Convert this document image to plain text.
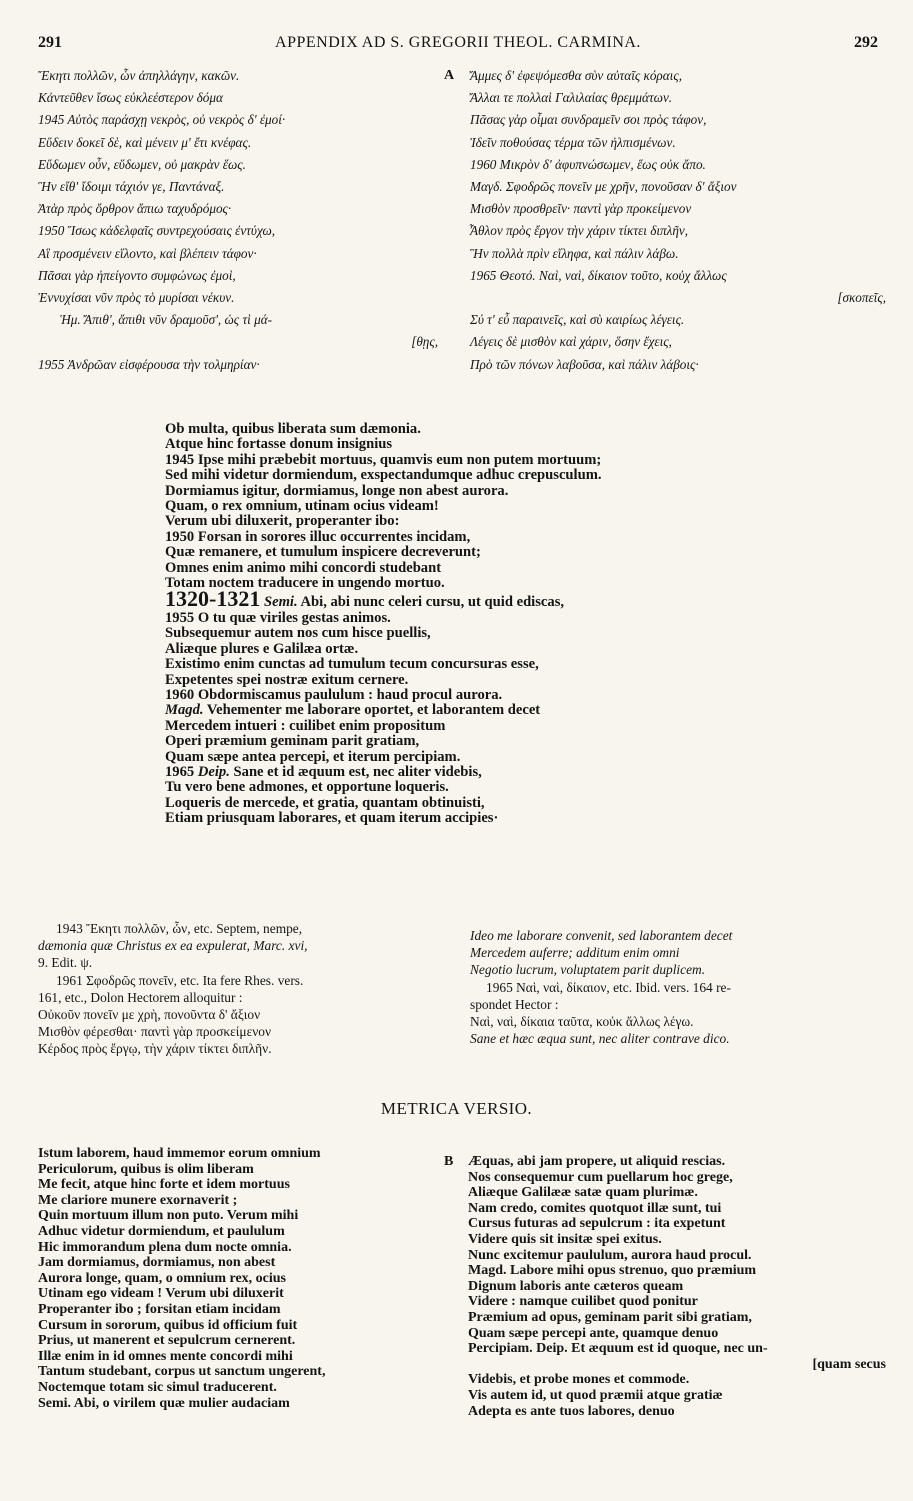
291	APPENDIX AD S. GREGORII THEOL. CARMINA.	292
Ἔκητι πολλῶν, ὧν ἀπηλλάγην, κακῶν.
Κἀντεῦθεν ἴσως εὐκλεέστερον δόμα
1945 Αὐτὸς παράσχῃ νεκρὸς, οὐ νεκρὸς δ' ἐμοί·
Εὕδειν δοκεῖ δὲ, καὶ μένειν μ' ἔτι κνέφας.
Εὕδωμεν οὖν, εὕδωμεν, οὐ μακρὰν ἕως.
Ἣν εἴθ' ἴδοιμι τάχιόν γε, Παντάναξ.
Ἀτὰρ πρὸς ὄρθρον ἄπιω ταχυδρόμος·
1950 Ἴσως κἀδελφαῖς συντρεχούσαις ἐντύχω,
Αἳ προσμένειν εἵλοντο, καὶ βλέπειν τάφον·
Πᾶσαι γὰρ ἠπείγοντο συμφώνως ἐμοὶ,
Ἐννυχίσαι νῦν πρὸς τὸ μυρίσαι νέκυν.
Ἡμ. Ἄπιθ', ἄπιθι νῦν δραμοῦσ', ὡς τὶ μά-
[θῃς,
1955 Ἀνδρῶαν εἰσφέρουσα τὴν τολμηρίαν·
A	Ἄμμες δ' ἐφεψόμεσθα σὺν αὐταῖς κόραις,
Ἄλλαι τε πολλαὶ Γαλιλαίας θρεμμάτων.
Πᾶσας γὰρ οἶμαι συνδραμεῖν σοι πρὸς τάφον,
Ἰδεῖν ποθούσας τέρμα τῶν ἠλπισμένων.
1960 Μικρὸν δ' ἀφυπνώσωμεν, ἕως οὐκ ἄπο.
Μαγδ. Σφοδρῶς πονεῖν με χρῆν, πονοῦσαν δ' ἄξιον
Μισθὸν προσθρεῖν· παντὶ γὰρ προκείμενον
Ἆθλον πρὸς ἔργον τὴν χάριν τίκτει διπλῆν,
Ἣν πολλὰ πρὶν εἴληφα, καὶ πάλιν λάβω.
1965 Θεοτό. Ναὶ, ναὶ, δίκαιον τοῦτο, κοὐχ ἄλλως
[σκοπεῖς,
Σύ τ' εὖ παραινεῖς, καὶ σὺ καιρίως λέγεις.
Λέγεις δὲ μισθὸν καὶ χάριν, ὅσην ἔχεις,
Πρὸ τῶν πόνων λαβοῦσα, καὶ πάλιν λάβοις·
Ob multa, quibus liberata sum dæmonia.
Atque hinc fortasse donum insignius
1945 Ipse mihi præbebit mortuus, quamvis eum non putem mortuum;
Sed mihi videtur dormiendum, exspectandumque adhuc crepusculum.
Dormiamus igitur, dormiamus, longe non abest aurora.
Quam, o rex omnium, utinam ocius videam!
Verum ubi diluxerit, properanter ibo:
1950 Forsan in sorores illuc occurrentes incidam,
Quæ remanere, et tumulum inspicere decreverunt;
Omnes enim animo mihi concordi studebant
Totam noctem traducere in ungendo mortuo.
1320-1321 Semi. Abi, abi nunc celeri cursu, ut quid ediscas,
1955 O tu quæ viriles gestas animos.
Subsequemur autem nos cum hisce puellis,
Aliæque plures e Galilæa ortæ.
Existimo enim cunctas ad tumulum tecum concursuras esse,
Expetentes spei nostræ exitum cernere.
1960 Obdormiscamus paululum : haud procul aurora.
Magd. Vehementer me laborare oportet, et laborantem decet
Mercedem intueri : cuilibet enim propositum
Operi præmium geminam parit gratiam,
Quam sæpe antea percepi, et iterum percipiam.
1965 Deip. Sane et id æquum est, nec aliter videbis,
Tu vero bene admones, et opportune loqueris.
Loqueris de mercede, et gratia, quantam obtinuisti,
Etiam priusquam laborares, et quam iterum accipies·
1943 Ἔκητι πολλῶν, ὧν, etc. Septem, nempe,
dæmonia quæ Christus ex ea expulerat, Marc. xvi,
9. Edit. ψ.
1961 Σφοδρῶς πονεῖν, etc. Ita fere Rhes. vers.
161, etc., Dolon Hectorem alloquitur :
Οὐκοῦν πονεῖν με χρὴ, πονοῦντα δ' ἄξιον
Μισθὸν φέρεσθαι· παντὶ γὰρ προσκείμενον
Κέρδος πρὸς ἔργῳ, τὴν χάριν τίκτει διπλῆν.
Ideo me laborare convenit, sed laborantem decet
Mercedem auferre; additum enim omni
Negotio lucrum, voluptatem parit duplicem.
1965 Ναὶ, ναὶ, δίκαιον, etc. Ibid. vers. 164 re-
spondet Hector :
Ναὶ, ναὶ, δίκαια ταῦτα, κοὐκ ἄλλως λέγω.
Sane et hæc æqua sunt, nec aliter contrave dico.
METRICA VERSIO.
Istum laborem, haud immemor eorum omnium
Periculorum, quibus is olim liberam
Me fecit, atque hinc forte et idem mortuus
Me clariore munere exornaverit ;
Quin mortuum illum non puto. Verum mihi
Adhuc videtur dormiendum, et paululum
Hic immorandum plena dum nocte omnia.
Jam dormiamus, dormiamus, non abest
Aurora longe, quam, o omnium rex, ocius
Utinam ego videam ! Verum ubi diluxerit
Properanter ibo ; forsitan etiam incidam
Cursum in sororum, quibus id officium fuit
Prius, ut manerent et sepulcrum cernerent.
Illæ enim in id omnes mente concordi mihi
Tantum studebant, corpus ut sanctum ungerent,
Noctemque totam sic simul traducerent.
Semi. Abi, o virilem quæ mulier audaciam
B	Æquas, abi jam propere, ut aliquid rescias.
Nos consequemur cum puellarum hoc grege,
Aliæque Galilææ satæ quam plurimæ.
Nam credo, comites quotquot illæ sunt, tui
Cursus futuras ad sepulcrum : ita expetunt
Videre quis sit insitæ spei exitus.
Nunc excitemur paululum, aurora haud procul.
Magd. Labore mihi opus strenuo, quo præmium
Dignum laboris ante cæteros queam
Videre : namque cuilibet quod ponitur
Præmium ad opus, geminam parit sibi gratiam,
Quam sæpe percepi ante, quamque denuo
Percipiam. Deip. Et æquum est id quoque, nec un-
[quam secus
Videbis, et probe mones et commode.
Vis autem id, ut quod præmii atque gratiæ
Adepta es ante tuos labores, denuo
